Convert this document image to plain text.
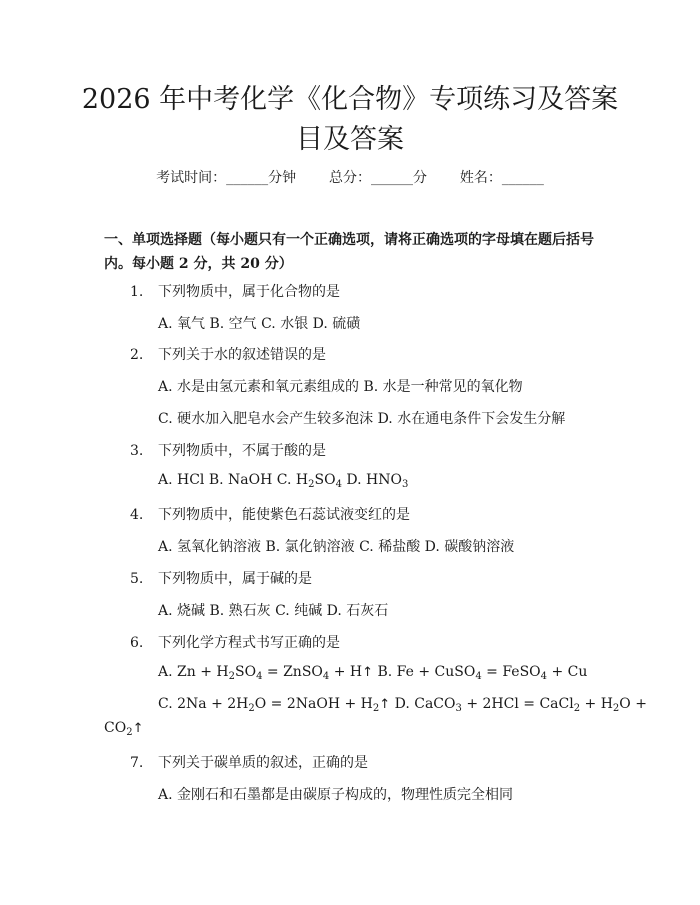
2026 年中考化学《化合物》专项练习及答案
目及答案
考试时间：______分钟 总分：______分 姓名：______

一、单项选择题（每小题只有一个正确选项，请将正确选项的字母填在题后括号内。每小题 2 分，共 20 分）

1. 下列物质中，属于化合物的是
A. 氧气 B. 空气 C. 水银 D. 硫磺
2. 下列关于水的叙述错误的是
A. 水是由氢元素和氧元素组成的 B. 水是一种常见的氧化物
C. 硬水加入肥皂水会产生较多泡沫 D. 水在通电条件下会发生分解
3. 下列物质中，不属于酸的是
A. HCl B. NaOH C. $H_2SO_4$ D. $HNO_3$
4. 下列物质中，能使紫色石蕊试液变红的是
A. 氢氧化钠溶液 B. 氯化钠溶液 C. 稀盐酸 D. 碳酸钠溶液
5. 下列物质中，属于碱的是
A. 烧碱 B. 熟石灰 C. 纯碱 D. 石灰石
6. 下列化学方程式书写正确的是
A. $Zn + H_2SO_4$ = ZnSO$_4$ + H↑ B. Fe + CuSO$_4$ = FeSO$_4$ + Cu
C. $2Na + 2H_2O$ = 2NaOH + $H_2↑$ D. CaCO$_3$ + 2HCl = CaCl$_2$ + $H_2O$ +
$CO_2↑$
7. 下列关于碳单质的叙述，正确的是
A. 金刚石和石墨都是由碳原子构成的，物理性质完全相同
